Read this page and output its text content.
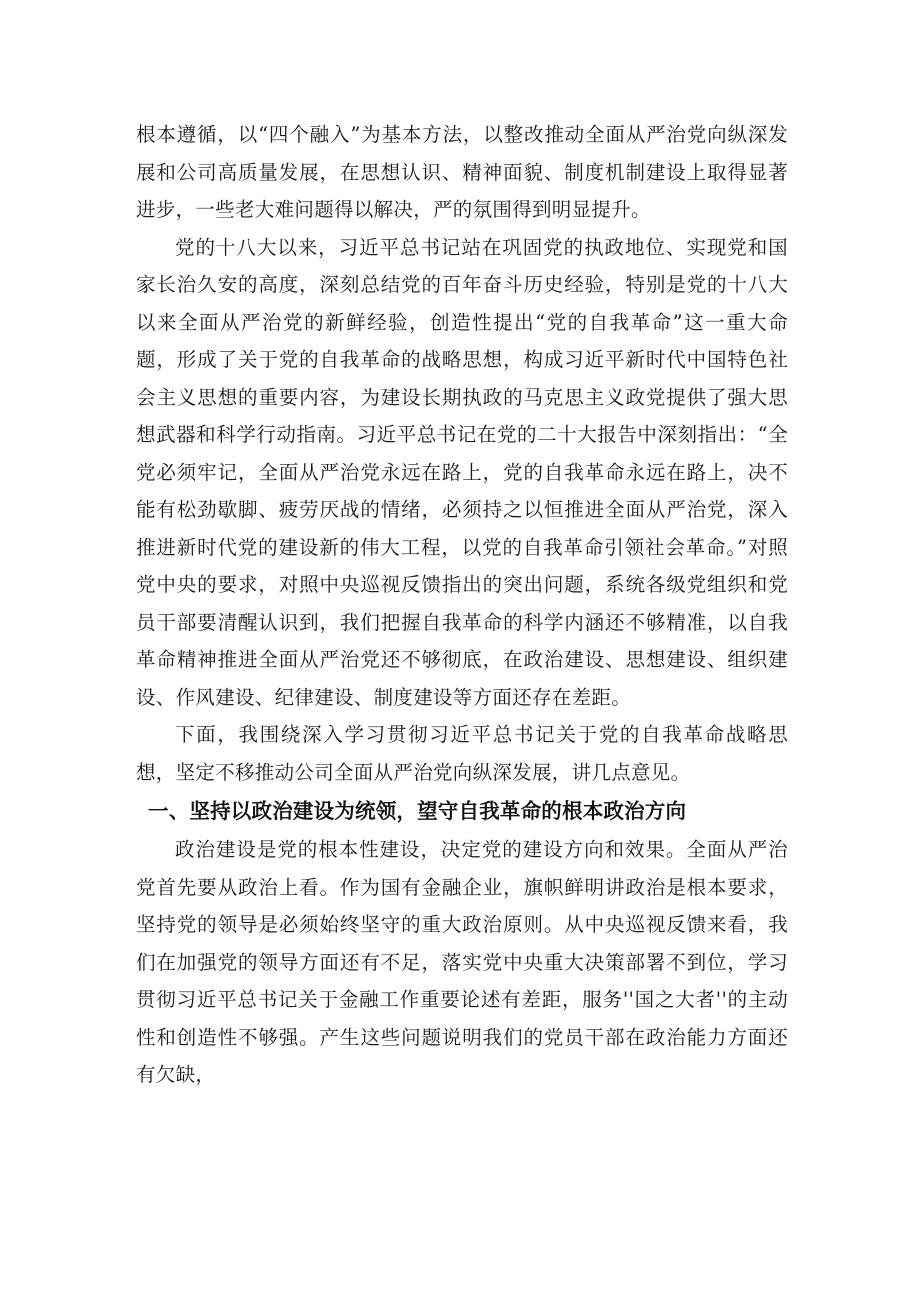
根本遵循，以“四个融入”为基本方法，以整改推动全面从严治党向纵深发展和公司高质量发展，在思想认识、精神面貌、制度机制建设上取得显著进步，一些老大难问题得以解决，严的氛围得到明显提升。

党的十八大以来，习近平总书记站在巩固党的执政地位、实现党和国家长治久安的高度，深刻总结党的百年奋斗历史经验，特别是党的十八大以来全面从严治党的新鲜经验，创造性提出“党的自我革命”这一重大命题，形成了关于党的自我革命的战略思想，构成习近平新时代中国特色社会主义思想的重要内容，为建设长期执政的马克思主义政党提供了强大思想武器和科学行动指南。习近平总书记在党的二十大报告中深刻指出：“全党必须牢记，全面从严治党永远在路上，党的自我革命永远在路上，决不能有松劲歇脚、疲劳厌战的情绪，必须持之以恒推进全面从严治党，深入推进新时代党的建设新的伟大工程，以党的自我革命引领社会革命。”对照党中央的要求，对照中央巡视反馈指出的突出问题，系统各级党组织和党员干部要清醒认识到，我们把握自我革命的科学内涵还不够精准，以自我革命精神推进全面从严治党还不够彻底，在政治建设、思想建设、组织建设、作风建设、纪律建设、制度建设等方面还存在差距。

下面，我围绕深入学习贯彻习近平总书记关于党的自我革命战略思想，坚定不移推动公司全面从严治党向纵深发展，讲几点意见。

一、坚持以政治建设为统领，望守自我革命的根本政治方向

政治建设是党的根本性建设，决定党的建设方向和效果。全面从严治党首先要从政治上看。作为国有金融企业，旗帜鲜明讲政治是根本要求，坚持党的领导是必须始终坚守的重大政治原则。从中央巡视反馈来看，我们在加强党的领导方面还有不足，落实党中央重大决策部署不到位，学习贯彻习近平总书记关于金融工作重要论述有差距，服务''国之大者''的主动性和创造性不够强。产生这些问题说明我们的党员干部在政治能力方面还有欠缺，
